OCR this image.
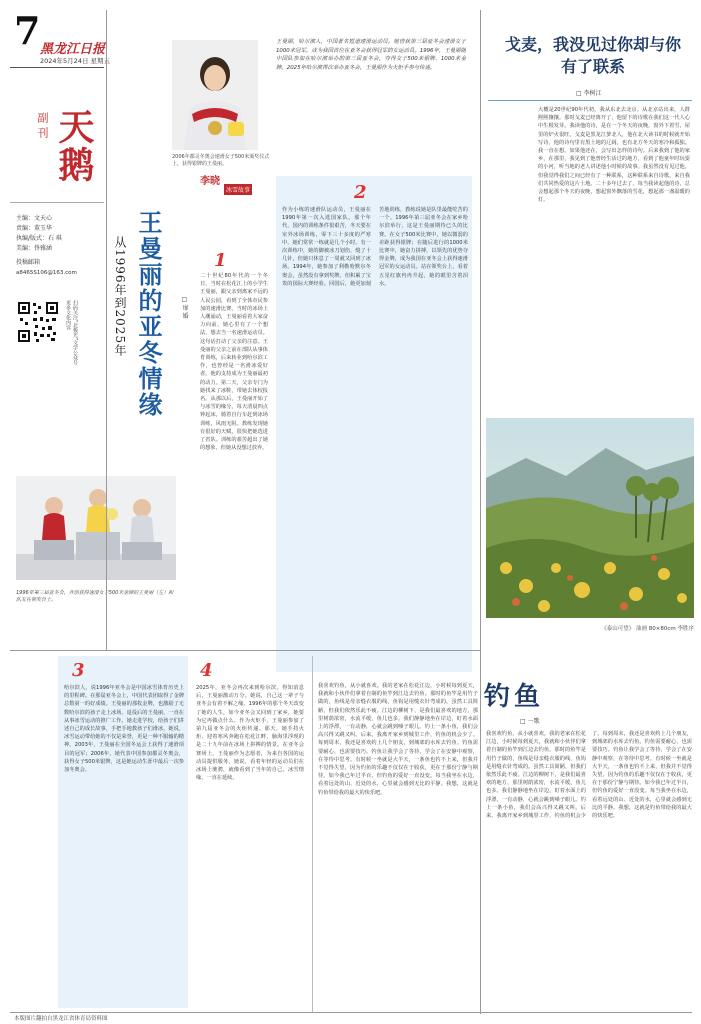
7 黑龙江日报
2024年5月24日 星期五
副刊 天鹅
主编：文天心
责编：董玉华
执编/版式：石 琪
美编：佟雅涵
投稿邮箱
a8465S106@163.com
扫码关注“北极光”文学公众号更多文化内容
2006年都灵冬奥会速滑女子500米颁奖仪式上，获得银牌的王曼丽。
王曼丽，哈尔滨人，中国著名短道速滑运动员。她曾获第三届亚冬会速滑女子1000米冠军，成为我国首位在亚冬会获得冠军的女运动员。1996年，王曼丽随中国队参加在哈尔滨举办的第三届亚冬会，夺得女子500米银牌、1000米金牌。2025年哈尔滨再次举办亚冬会，王曼丽作为火炬手参与传递。
王曼丽的亚冬情缘
从1996年到2025年
李晓
冰雪故事
1
□ 扉 婚
二十世纪80年代的一个冬日，当时在松花江上的小学生王曼丽，跟父亲到离家不远的人民公园，看到了全体市民参加的速滑比赛。当时的冰场上人潮涌动，王曼丽看着大家奋力向前，她心里有了一个想法，想去当一名速滑运动员。这句话打动了父亲的注意。王曼丽的父亲之前在部队从事体育训练，后来转业到哈尔滨工作，也曾经是一名滑冰爱好者。他的支持成为王曼丽最初的动力。第二天，父亲专门为她找来了冰鞋，带她去体校报名。从那以后，王曼丽开始了与冰雪的缘分。每天清晨四点钟起床，骑着自行车赶到冰场训练，风雨无阻。教练发现她有很好的天赋，很快把她选进了省队。训练的艰苦超出了她的想象，但她从没想过放弃。
1996年第三届亚冬会，开创获得速滑女子500米金牌的王曼丽（左）和队友在领奖台上。
2
作为小练的速滑队运动员，王曼丽在1990年第一次入选国家队。那个年代，国内的训练条件很艰苦，冬天要在室外冰场训练，零下三十多度的严寒中，她们常常一练就是几个小时。有一次训练中，她的脚被冰刀划伤，缝了十几针，但她只休息了一周就又回到了冰场。1994年，她参加了利勒哈默尔冬奥会，虽然没有拿到奖牌，但积累了宝贵的国际大赛经验。回国后，她更加刻苦地训练，教练说她是队里最能吃苦的一个。1996年第三届亚冬会在家乡哈尔滨举行，这是王曼丽期待已久的比赛。在女子500米比赛中，她以微弱的差距获得银牌；在随后进行的1000米比赛中，她奋力拼搏，以领先的优势夺得金牌，成为我国在亚冬会上获得速滑冠军的女运动员。站在领奖台上，看着五星红旗冉冉升起，她的眼里含着泪水。
戈麦，我没见过你却与你有了联系
□ 李树江
大概是20世纪90年代初，我从东北去北京。从北京站出来，人群熙熙攘攘。那时戈麦已经离开了，他留下的诗歌在我们这一代人心中生根发芽。我读他的诗，是在一个冬天的夜晚，窗外下着雪，屋里的炉火很旺。戈麦是黑龙江萝北人，他在北大读书的时候就开始写诗，他的诗句里有黑土地的辽阔，也有北方冬天的寒冷和孤独。我一直在想，如果他还在，会写出怎样的诗句。后来我到了他的家乡，在那里，我见到了他曾经生活过的地方，看到了他童年时玩耍的小河，听当地的老人讲述他小时候的故事。我虽然没有见过他，但我觉得我们之间已经有了一种联系，这种联系来自诗歌，来自我们共同热爱的这片土地。二十多年过去了，每当我读起他的诗，总会想起那个冬天的夜晚，想起窗外飘落的雪花，想起那一盏温暖的灯。
《泰山可望》 油画 80×80cm 李胜序
3
哈尔滨人，说1996年亚冬会是中国冰雪体育历史上的里程碑。在那届亚冬会上，中国代表团取得了金牌总数第一的好成绩。王曼丽的那枚金牌，也激励了无数哈尔滨的孩子走上冰场。退役后的王曼丽，一直在从事冰雪运动的推广工作。她走进学校，给孩子们讲述自己的成长故事，手把手地教孩子们滑冰。她说，冰雪运动带给她的不仅是荣誉，更是一种不服输的精神。2003年，王曼丽在全国冬运会上获得了速滑项目的冠军；2006年，她代表中国参加都灵冬奥会，获得女子500米银牌，这是她运动生涯中最后一次参加冬奥会。
4
2025年，亚冬会再次来到哈尔滨。得知消息后，王曼丽激动万分。她说，自己这一辈子与亚冬会有着不解之缘，1996年的那个冬天改变了她的人生，如今亚冬会又回到了家乡，她要为它再做点什么。作为火炬手，王曼丽参加了第九届亚冬会的火炬传递。那天，她手持火炬，迎着寒风奔跑在松花江畔，脑海里浮现的是二十九年前在冰场上拼搏的情景。在亚冬会赛场上，王曼丽作为志愿者，为来自各国的运动员提供服务。她说，看着年轻的运动员们在冰场上驰骋，就像看到了当年的自己。冰雪情缘，一直在延续。
钓鱼
□ 一歌
我喜欢钓鱼，从小就喜欢。我的老家在松花江边，小时候每到夏天，我就和小伙伴们拿着自制的鱼竿到江边去钓鱼。那时的鱼竿是用竹子做的，鱼线是母亲缝衣服的线，鱼钩是用缝衣针弯成的。虽然工具简陋，但我们依然乐此不疲。江边的柳树下，是我们最喜欢的地方，那里树荫浓密，水流平缓，鱼儿也多。我们静静地坐在岸边，盯着水面上的浮漂，一有动静，心就会跳到嗓子眼儿。钓上一条小鱼，我们会高兴得又跳又叫。后来，我离开家乡到城里工作，钓鱼的机会少了。每到周末，我还是喜欢约上几个朋友，到城郊的水库去钓鱼。钓鱼需要耐心，也需要技巧。钓鱼让我学会了等待，学会了在安静中观察，在等待中思考。有时候一坐就是大半天，一条鱼也钓不上来，但我并不觉得失望，因为钓鱼的乐趣不仅仅在于收获，更在于那份宁静与期待。如今我已年过半百，但钓鱼的爱好一直没变。每当我坐在水边，看着远处的山、近处的水，心里就会感到无比的平静。我想，这就是钓鱼带给我的最大的快乐吧。
我喜欢钓鱼，从小就喜欢。我的老家在松花江边，小时候每到夏天，我就和小伙伴们拿着自制的鱼竿到江边去钓鱼。那时的鱼竿是用竹子做的，鱼线是母亲缝衣服的线，鱼钩是用缝衣针弯成的。虽然工具简陋，但我们依然乐此不疲。江边的柳树下，是我们最喜欢的地方，那里树荫浓密，水流平缓，鱼儿也多。我们静静地坐在岸边，盯着水面上的浮漂，一有动静，心就会跳到嗓子眼儿。钓上一条小鱼，我们会高兴得又跳又叫。后来，我离开家乡到城里工作，钓鱼的机会少了。每到周末，我还是喜欢约上几个朋友，到城郊的水库去钓鱼。钓鱼需要耐心，也需要技巧。钓鱼让我学会了等待，学会了在安静中观察，在等待中思考。有时候一坐就是大半天，一条鱼也钓不上来，但我并不觉得失望，因为钓鱼的乐趣不仅仅在于收获，更在于那份宁静与期待。如今我已年过半百，但钓鱼的爱好一直没变。每当我坐在水边，看着远处的山、近处的水，心里就会感到无比的平静。我想，这就是钓鱼带给我的最大的快乐吧。
本版图片翻拍自黑龙江省体育局资料图
